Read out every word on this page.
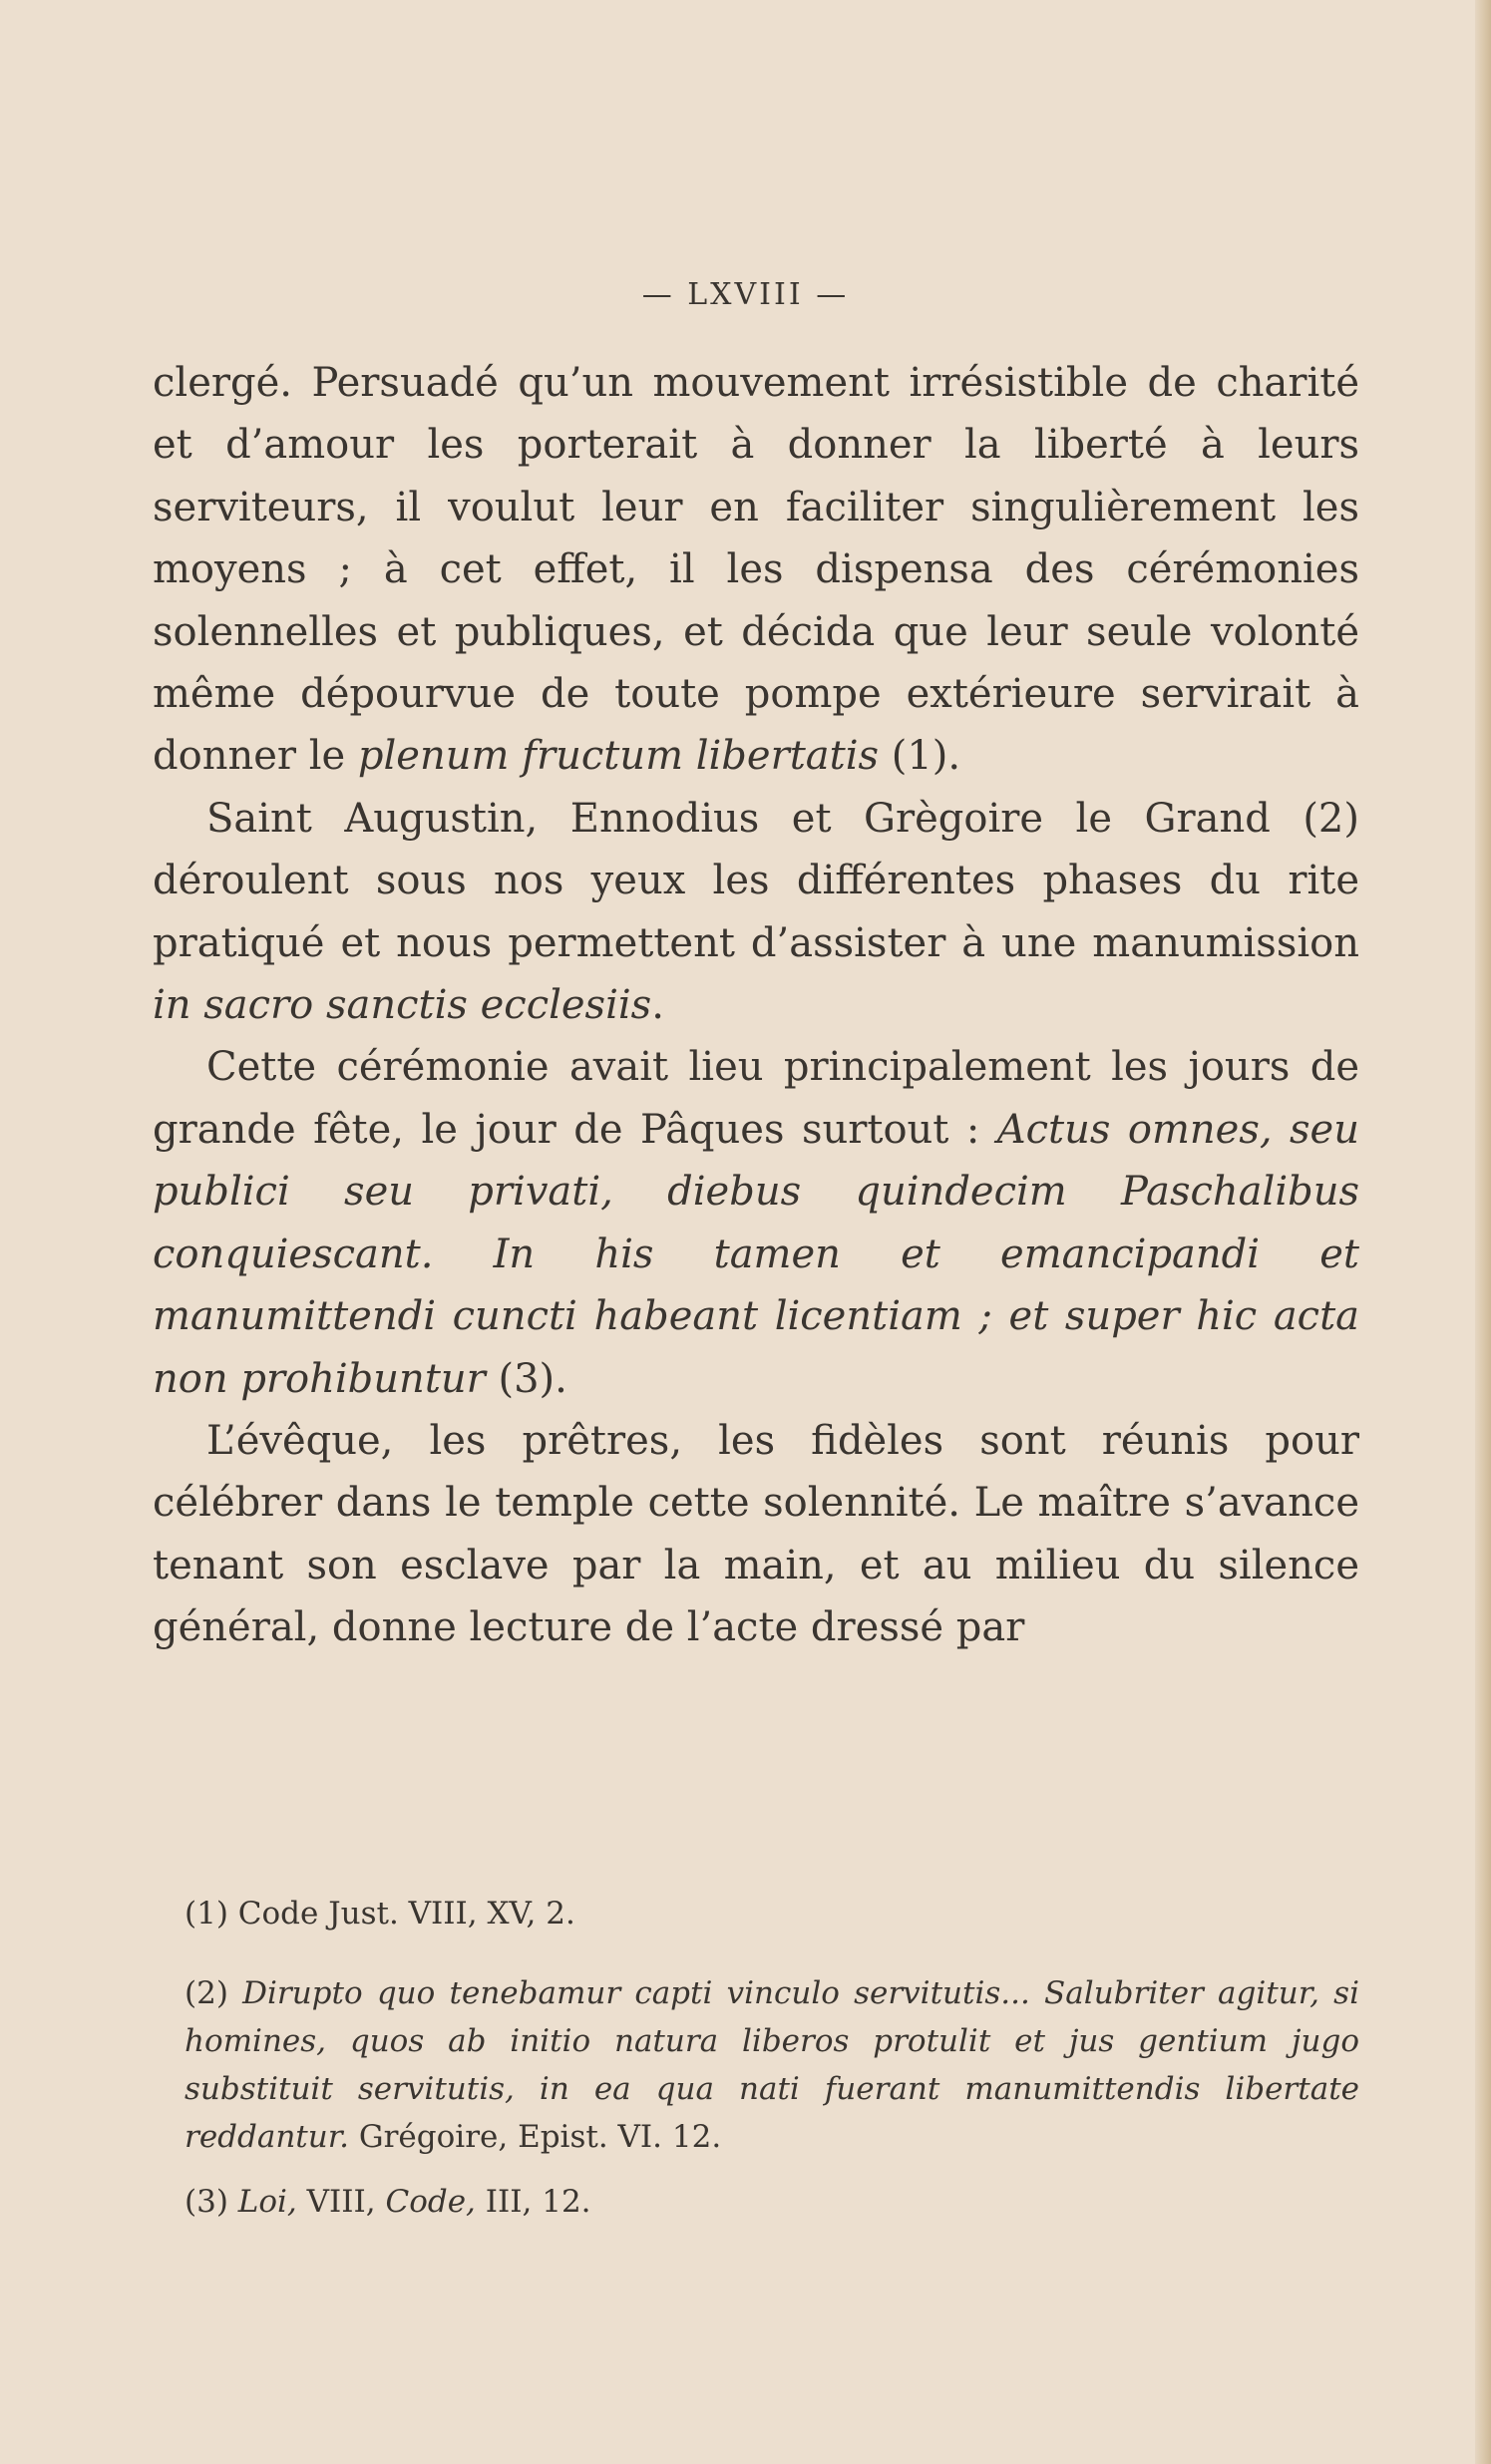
— LXVIII —

clergé. Persuadé qu’un mouvement irrésistible de charité et d’amour les porterait à donner la liberté à leurs serviteurs, il voulut leur en faciliter singulièrement les moyens ; à cet effet, il les dispensa des cérémonies solennelles et publiques, et décida que leur seule volonté même dépourvue de toute pompe extérieure servirait à donner le plenum fructum libertatis (1).

Saint Augustin, Ennodius et Grègoire le Grand (2) déroulent sous nos yeux les différentes phases du rite pratiqué et nous permettent d’assister à une manumission in sacro sanctis ecclesiis.

Cette cérémonie avait lieu principalement les jours de grande fête, le jour de Pâques surtout : Actus omnes, seu publici seu privati, diebus quindecim Paschalibus conquiescant. In his tamen et emancipandi et manumittendi cuncti habeant licentiam ; et super hic acta non prohibuntur (3).

L’évêque, les prêtres, les fidèles sont réunis pour célébrer dans le temple cette solennité. Le maître s’avance tenant son esclave par la main, et au milieu du silence général, donne lecture de l’acte dressé par

(1) Code Just. VIII, XV, 2.

(2) Dirupto quo tenebamur capti vinculo servitutis... Salubriter agitur, si homines, quos ab initio natura liberos protulit et jus gentium jugo substituit servitutis, in ea qua nati fuerant manumittendis libertate reddantur. Grégoire, Epist. VI. 12.

(3) Loi, VIII, Code, III, 12.
